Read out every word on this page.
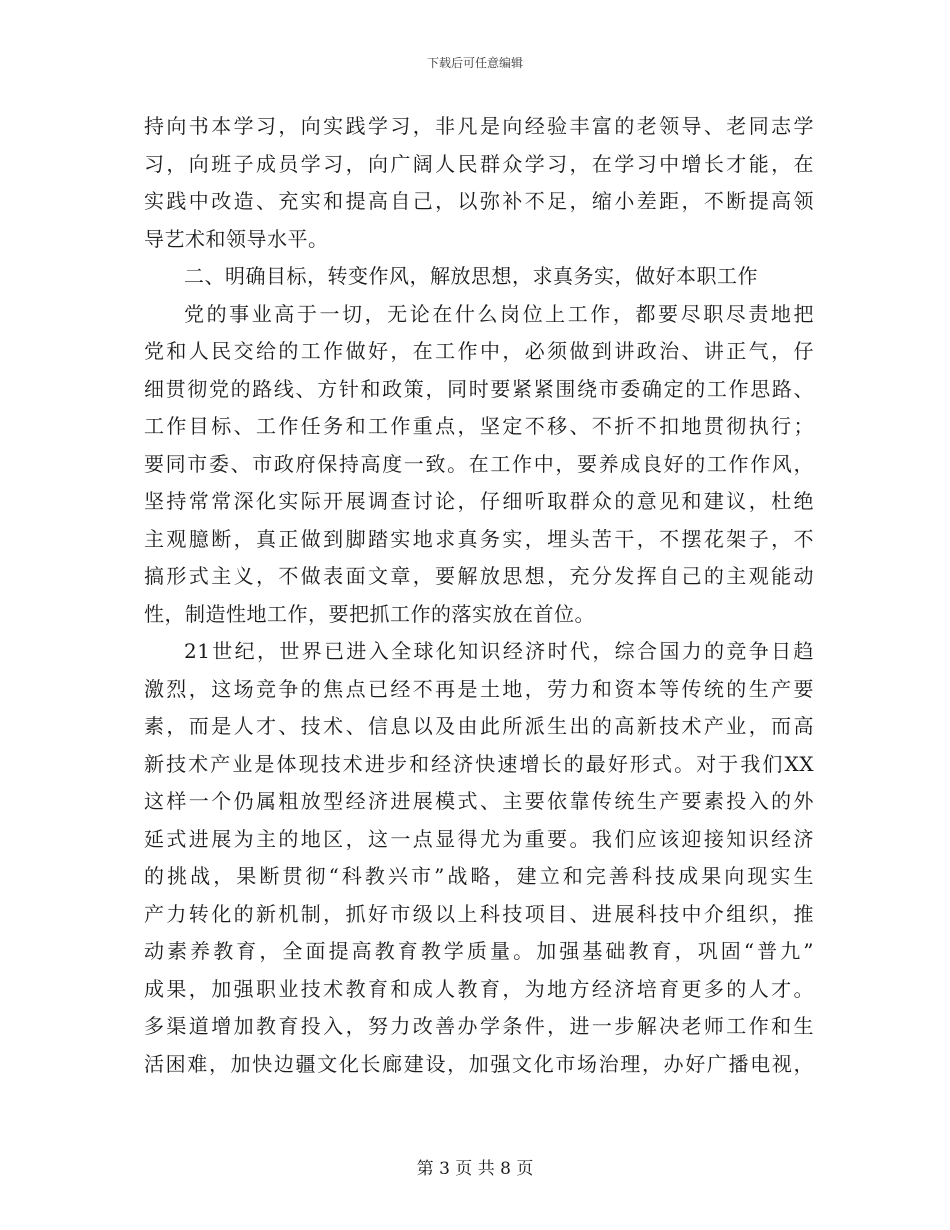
下载后可任意编辑
持向书本学习，向实践学习，非凡是向经验丰富的老领导、老同志学
习，向班子成员学习，向广阔人民群众学习，在学习中增长才能，在
实践中改造、充实和提高自己，以弥补不足，缩小差距，不断提高领
导艺术和领导水平。
二、明确目标，转变作风，解放思想，求真务实，做好本职工作
党的事业高于一切，无论在什么岗位上工作，都要尽职尽责地把
党和人民交给的工作做好，在工作中，必须做到讲政治、讲正气，仔
细贯彻党的路线、方针和政策，同时要紧紧围绕市委确定的工作思路、
工作目标、工作任务和工作重点，坚定不移、不折不扣地贯彻执行；
要同市委、市政府保持高度一致。在工作中，要养成良好的工作作风，
坚持常常深化实际开展调查讨论，仔细听取群众的意见和建议，杜绝
主观臆断，真正做到脚踏实地求真务实，埋头苦干，不摆花架子，不
搞形式主义，不做表面文章，要解放思想，充分发挥自己的主观能动
性，制造性地工作，要把抓工作的落实放在首位。
21世纪，世界已进入全球化知识经济时代，综合国力的竞争日趋
激烈，这场竞争的焦点已经不再是土地，劳力和资本等传统的生产要
素，而是人才、技术、信息以及由此所派生出的高新技术产业，而高
新技术产业是体现技术进步和经济快速增长的最好形式。对于我们XX
这样一个仍属粗放型经济进展模式、主要依靠传统生产要素投入的外
延式进展为主的地区，这一点显得尤为重要。我们应该迎接知识经济
的挑战，果断贯彻“科教兴市”战略，建立和完善科技成果向现实生
产力转化的新机制，抓好市级以上科技项目、进展科技中介组织，推
动素养教育，全面提高教育教学质量。加强基础教育，巩固“普九”
成果，加强职业技术教育和成人教育，为地方经济培育更多的人才。
多渠道增加教育投入，努力改善办学条件，进一步解决老师工作和生
活困难，加快边疆文化长廊建设，加强文化市场治理，办好广播电视，
第 3 页 共 8 页
